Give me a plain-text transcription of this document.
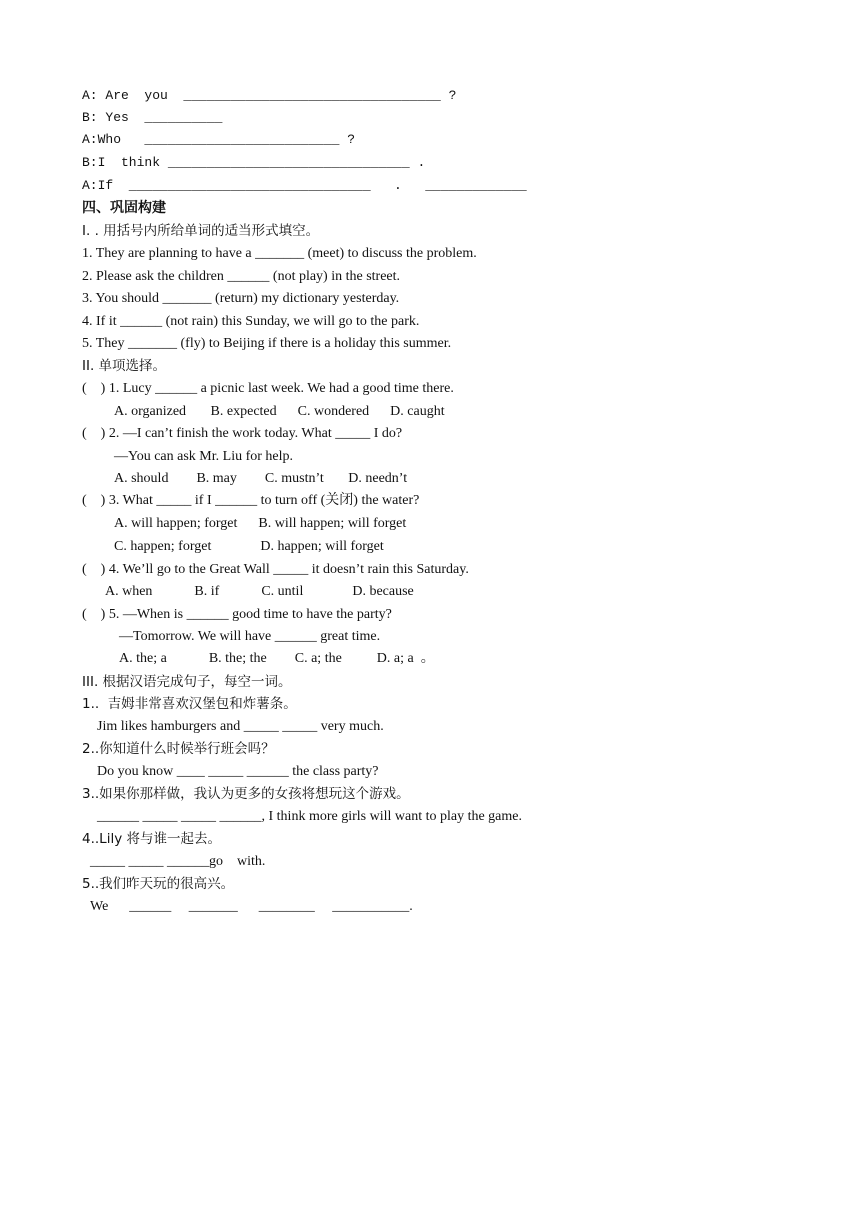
A: Are  you  _________________________________ ?
B: Yes  __________
A:Who   _________________________ ?
B:I  think _______________________________ .
A:If  _______________________________   .   _____________
四、巩固构建
I. . 用括号内所给单词的适当形式填空。
1. They are planning to have a _______ (meet) to discuss the problem.
2. Please ask the children ______ (not play) in the street.
3. You should _______ (return) my dictionary yesterday.
4. If it ______ (not rain) this Sunday, we will go to the park.
5. They _______ (fly) to Beijing if there is a holiday this summer.
II. 单项选择。
(    ) 1. Lucy ______ a picnic last week. We had a good time there.
A. organized       B. expected      C. wondered      D. caught
(    ) 2. —I can’t finish the work today. What _____ I do?
—You can ask Mr. Liu for help.
A. should        B. may        C. mustn’t       D. needn’t
(    ) 3. What _____ if I ______ to turn off (关闭) the water?
A. will happen; forget      B. will happen; will forget
C. happen; forget              D. happen; will forget
(    ) 4. We’ll go to the Great Wall _____ it doesn’t rain this Saturday.
A. when            B. if            C. until              D. because
(    ) 5. —When is ______ good time to have the party?
—Tomorrow. We will have ______ great time.
A. the; a            B. the; the        C. a; the          D. a; a  。
III. 根据汉语完成句子，每空一词。
1..  吉姆非常喜欢汉堡包和炸薯条。
Jim likes hamburgers and _____ _____ very much.
2..你知道什么时候举行班会吗？
Do you know ____ _____ ______ the class party?
3..如果你那样做，我认为更多的女孩将想玩这个游戏。
______ _____ _____ ______, I think more girls will want to play the game.
4..Lily 将与谁一起去。
_____ _____ ______go    with.
5..我们昨天玩的很高兴。
We      ______     _______      ________     ___________.
